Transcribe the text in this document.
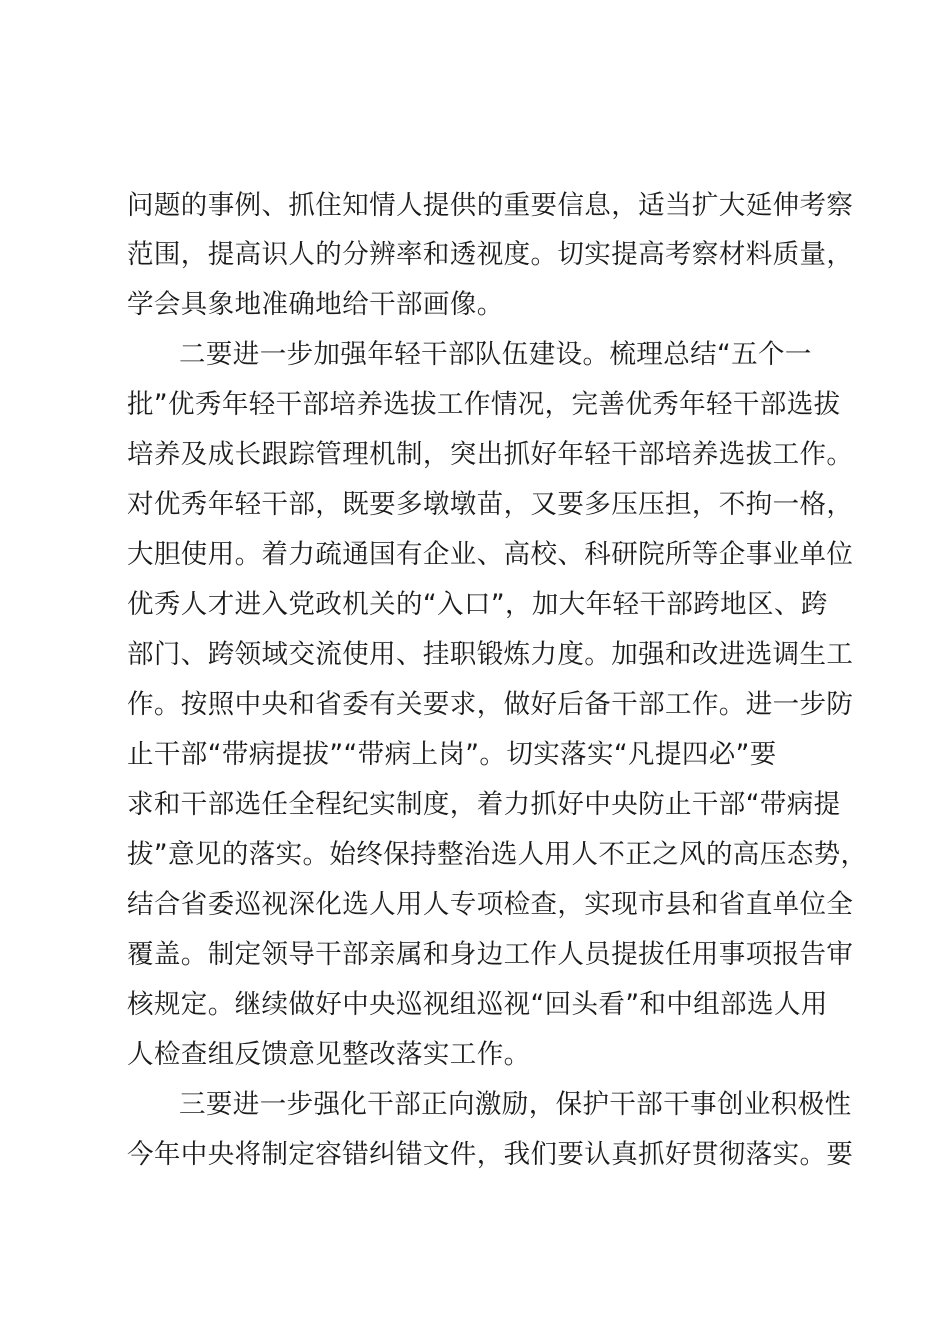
问题的事例、抓住知情人提供的重要信息，适当扩大延伸考察
范围，提高识人的分辨率和透视度。切实提高考察材料质量，
学会具象地准确地给干部画像。
二要进一步加强年轻干部队伍建设。梳理总结“五个一
批”优秀年轻干部培养选拔工作情况，完善优秀年轻干部选拔
培养及成长跟踪管理机制，突出抓好年轻干部培养选拔工作。
对优秀年轻干部，既要多墩墩苗，又要多压压担，不拘一格，
大胆使用。着力疏通国有企业、高校、科研院所等企事业单位
优秀人才进入党政机关的“入口”，加大年轻干部跨地区、跨
部门、跨领域交流使用、挂职锻炼力度。加强和改进选调生工
作。按照中央和省委有关要求，做好后备干部工作。进一步防
止干部“带病提拔”“带病上岗”。切实落实“凡提四必”要
求和干部选任全程纪实制度，着力抓好中央防止干部“带病提
拔”意见的落实。始终保持整治选人用人不正之风的高压态势，
结合省委巡视深化选人用人专项检查，实现市县和省直单位全
覆盖。制定领导干部亲属和身边工作人员提拔任用事项报告审
核规定。继续做好中央巡视组巡视“回头看”和中组部选人用
人检查组反馈意见整改落实工作。
三要进一步强化干部正向激励，保护干部干事创业积极性
今年中央将制定容错纠错文件，我们要认真抓好贯彻落实。要
